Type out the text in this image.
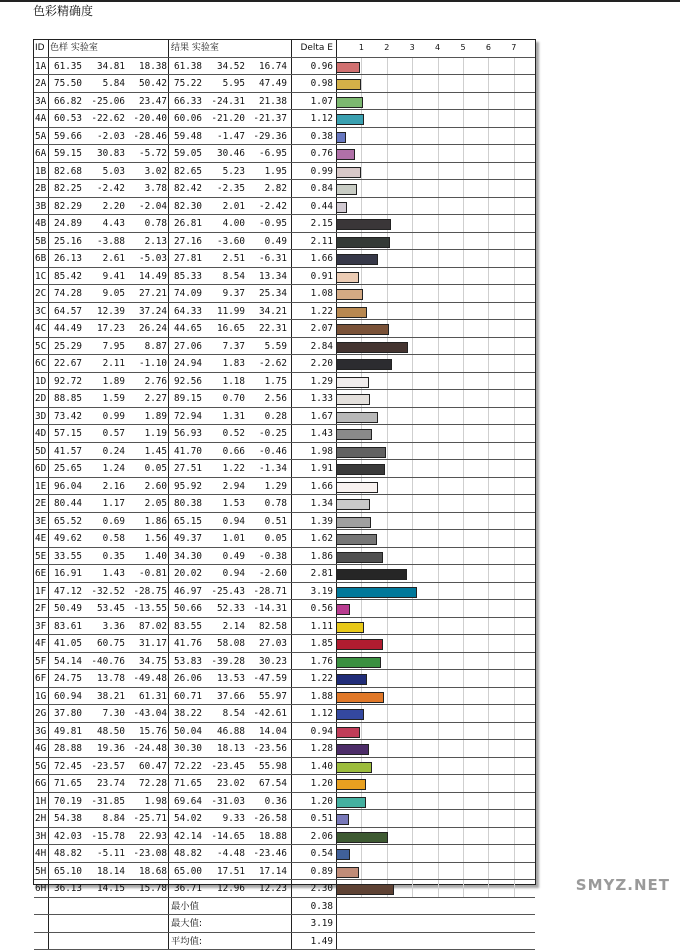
色彩精确度
ID 色样 实验室	结果 实验室	Delta E	1	2	3	4	5	6	7
1A 61.35	34.81	18.38 61.38	34.52	16.74	0.96
2A 75.50	5.84	50.42 75.22	5.95	47.49	0.98
3A 66.82	-25.06	23.47 66.33	-24.31	21.38	1.07
4A 60.53	-22.62 -20.40 60.06	-21.20 -21.37	1.12
5A 59.66	-2.03 -28.46 59.48	-1.47 -29.36	0.38
6A 59.15	30.83	-5.72 59.05	30.46	-6.95	0.76
1B 82.68	5.03	3.02 82.65	5.23	1.95	0.99
2B 82.25	-2.42	3.78 82.42	-2.35	2.82	0.84
3B 82.29	2.20	-2.04 82.30	2.01	-2.42	0.44
4B 24.89	4.43	0.78 26.81	4.00	-0.95	2.15
5B 25.16	-3.88	2.13 27.16	-3.60	0.49	2.11
6B 26.13	2.61	-5.03 27.81	2.51	-6.31	1.66
1C 85.42	9.41	14.49 85.33	8.54	13.34	0.91
2C 74.28	9.05	27.21 74.09	9.37	25.34	1.08
3C 64.57	12.39	37.24 64.33	11.99	34.21	1.22
4C 44.49	17.23	26.24 44.65	16.65	22.31	2.07
5C 25.29	7.95	8.87 27.06	7.37	5.59	2.84
6C 22.67	2.11	-1.10 24.94	1.83	-2.62	2.20
1D 92.72	1.89	2.76 92.56	1.18	1.75	1.29
2D 88.85	1.59	2.27 89.15	0.70	2.56	1.33
3D 73.42	0.99	1.89 72.94	1.31	0.28	1.67
4D 57.15	0.57	1.19 56.93	0.52	-0.25	1.43
5D 41.57	0.24	1.45 41.70	0.66	-0.46	1.98
6D 25.65	1.24	0.05 27.51	1.22	-1.34	1.91
1E 96.04	2.16	2.60 95.92	2.94	1.29	1.66
2E 80.44	1.17	2.05 80.38	1.53	0.78	1.34
3E 65.52	0.69	1.86 65.15	0.94	0.51	1.39
4E 49.62	0.58	1.56 49.37	1.01	0.05	1.62
5E 33.55	0.35	1.40 34.30	0.49	-0.38	1.86
6E 16.91	1.43	-0.81 20.02	0.94	-2.60	2.81
1F 47.12	-32.52 -28.75 46.97	-25.43 -28.71	3.19
2F 50.49	53.45 -13.55 50.66	52.33 -14.31	0.56
3F 83.61	3.36	87.02 83.55	2.14	82.58	1.11
4F 41.05	60.75	31.17 41.76	58.08	27.03	1.85
5F 54.14	-40.76	34.75 53.83	-39.28	30.23	1.76
6F 24.75	13.78 -49.48 26.06	13.53 -47.59	1.22
1G 60.94	38.21	61.31 60.71	37.66	55.97	1.88
2G 37.80	7.30 -43.04 38.22	8.54 -42.61	1.12
3G 49.81	48.50	15.76 50.04	46.88	14.04	0.94
4G 28.88	19.36 -24.48 30.30	18.13 -23.56	1.28
5G 72.45	-23.57	60.47 72.22	-23.45	55.98	1.40
6G 71.65	23.74	72.28 71.65	23.02	67.54	1.20
1H 70.19	-31.85	1.98 69.64	-31.03	0.36	1.20
2H 54.38	8.84 -25.71 54.02	9.33 -26.58	0.51
3H 42.03	-15.78	22.93 42.14	-14.65	18.88	2.06
4H 48.82	-5.11 -23.08 48.82	-4.48 -23.46	0.54
5H 65.10	18.14	18.68 65.00	17.51	17.14	0.89
6H 36.13	14.15	15.78 36.71	12.96	12.23	2.30
最小值	0.38
最大值:	3.19
平均值:	1.49
SMYZ.NET
